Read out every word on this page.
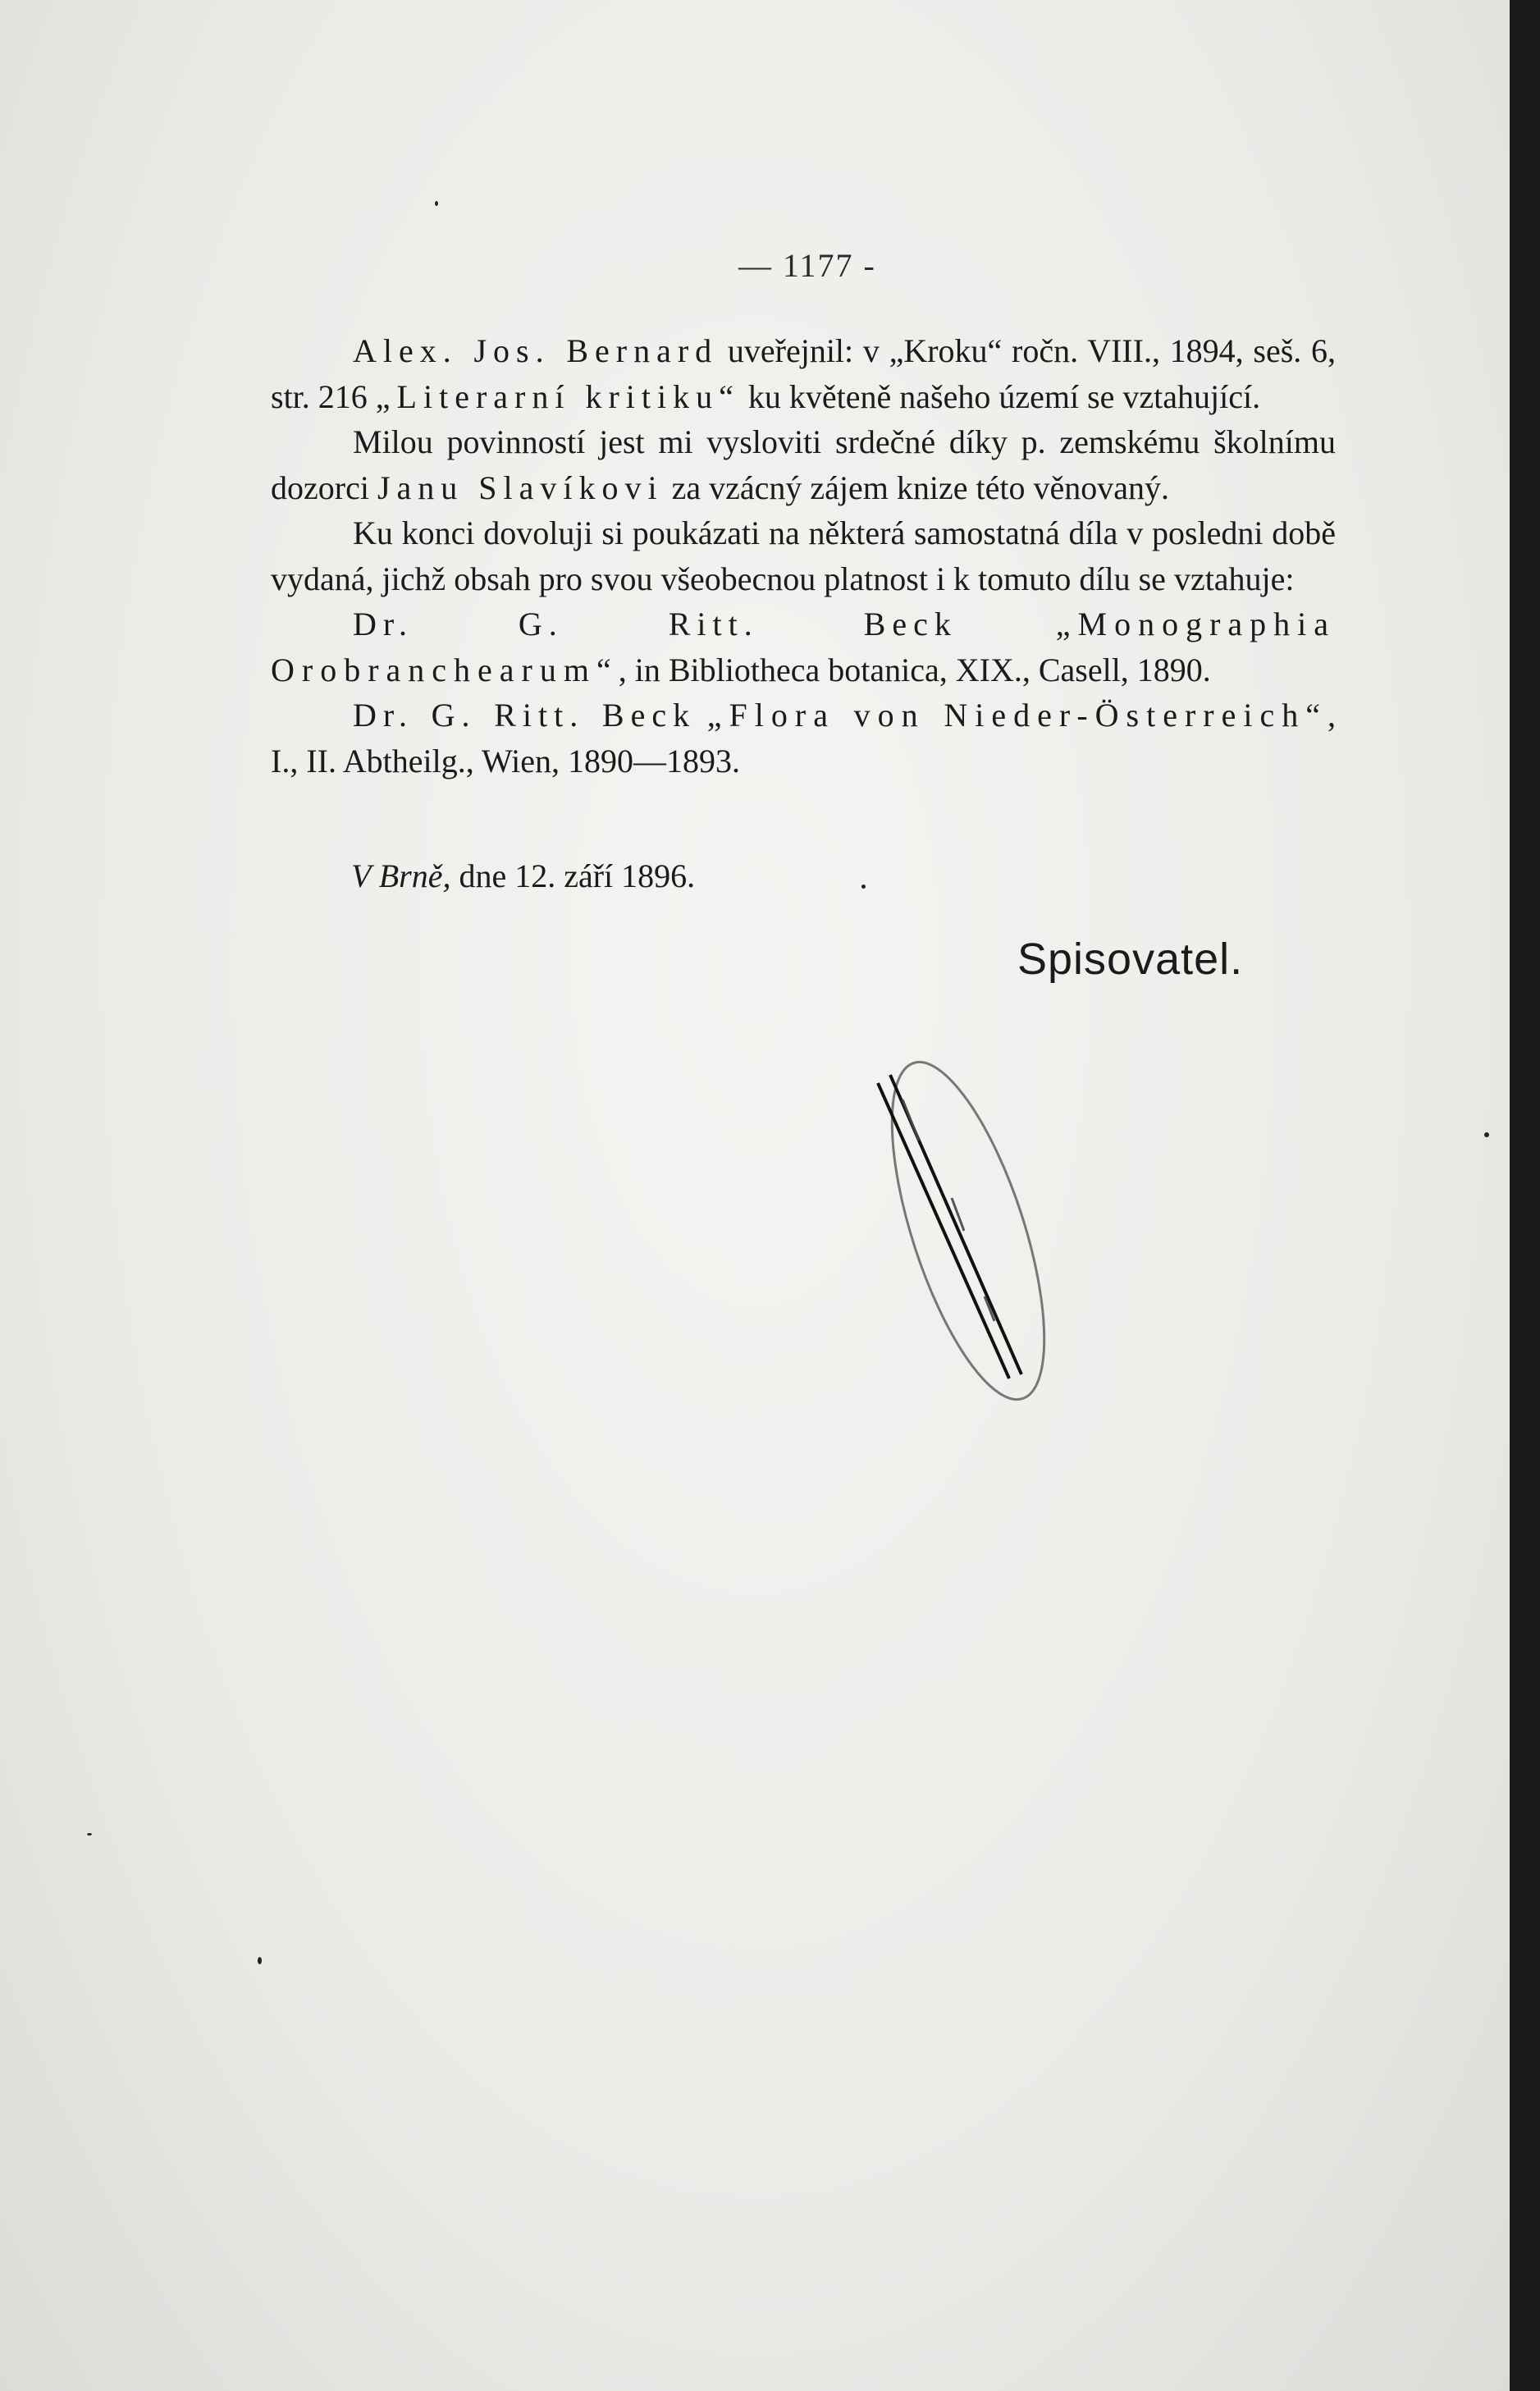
— 1177 -

Alex. Jos. Bernard uveřejnil: v „Kroku“ ročn. VIII., 1894, seš. 6, str. 216 „Literarní kritiku“ ku květeně našeho území se vztahující.

Milou povinností jest mi vysloviti srdečné díky p. zemskému školnímu dozorci Janu Slavíkovi za vzácný zájem knize této věnovaný.

Ku konci dovoluji si poukázati na některá samostatná díla v posledni době vydaná, jichž obsah pro svou všeobecnou platnost i k tomuto dílu se vztahuje:

Dr. G. Ritt. Beck	„Monographia Orobranchearum“, in Bibliotheca botanica, XIX., Casell, 1890.

Dr. G. Ritt. Beck „Flora von Nieder-Österreich“, I., II. Abtheilg., Wien, 1890—1893.

V Brně, dne 12. září 1896.
Spisovatel.
